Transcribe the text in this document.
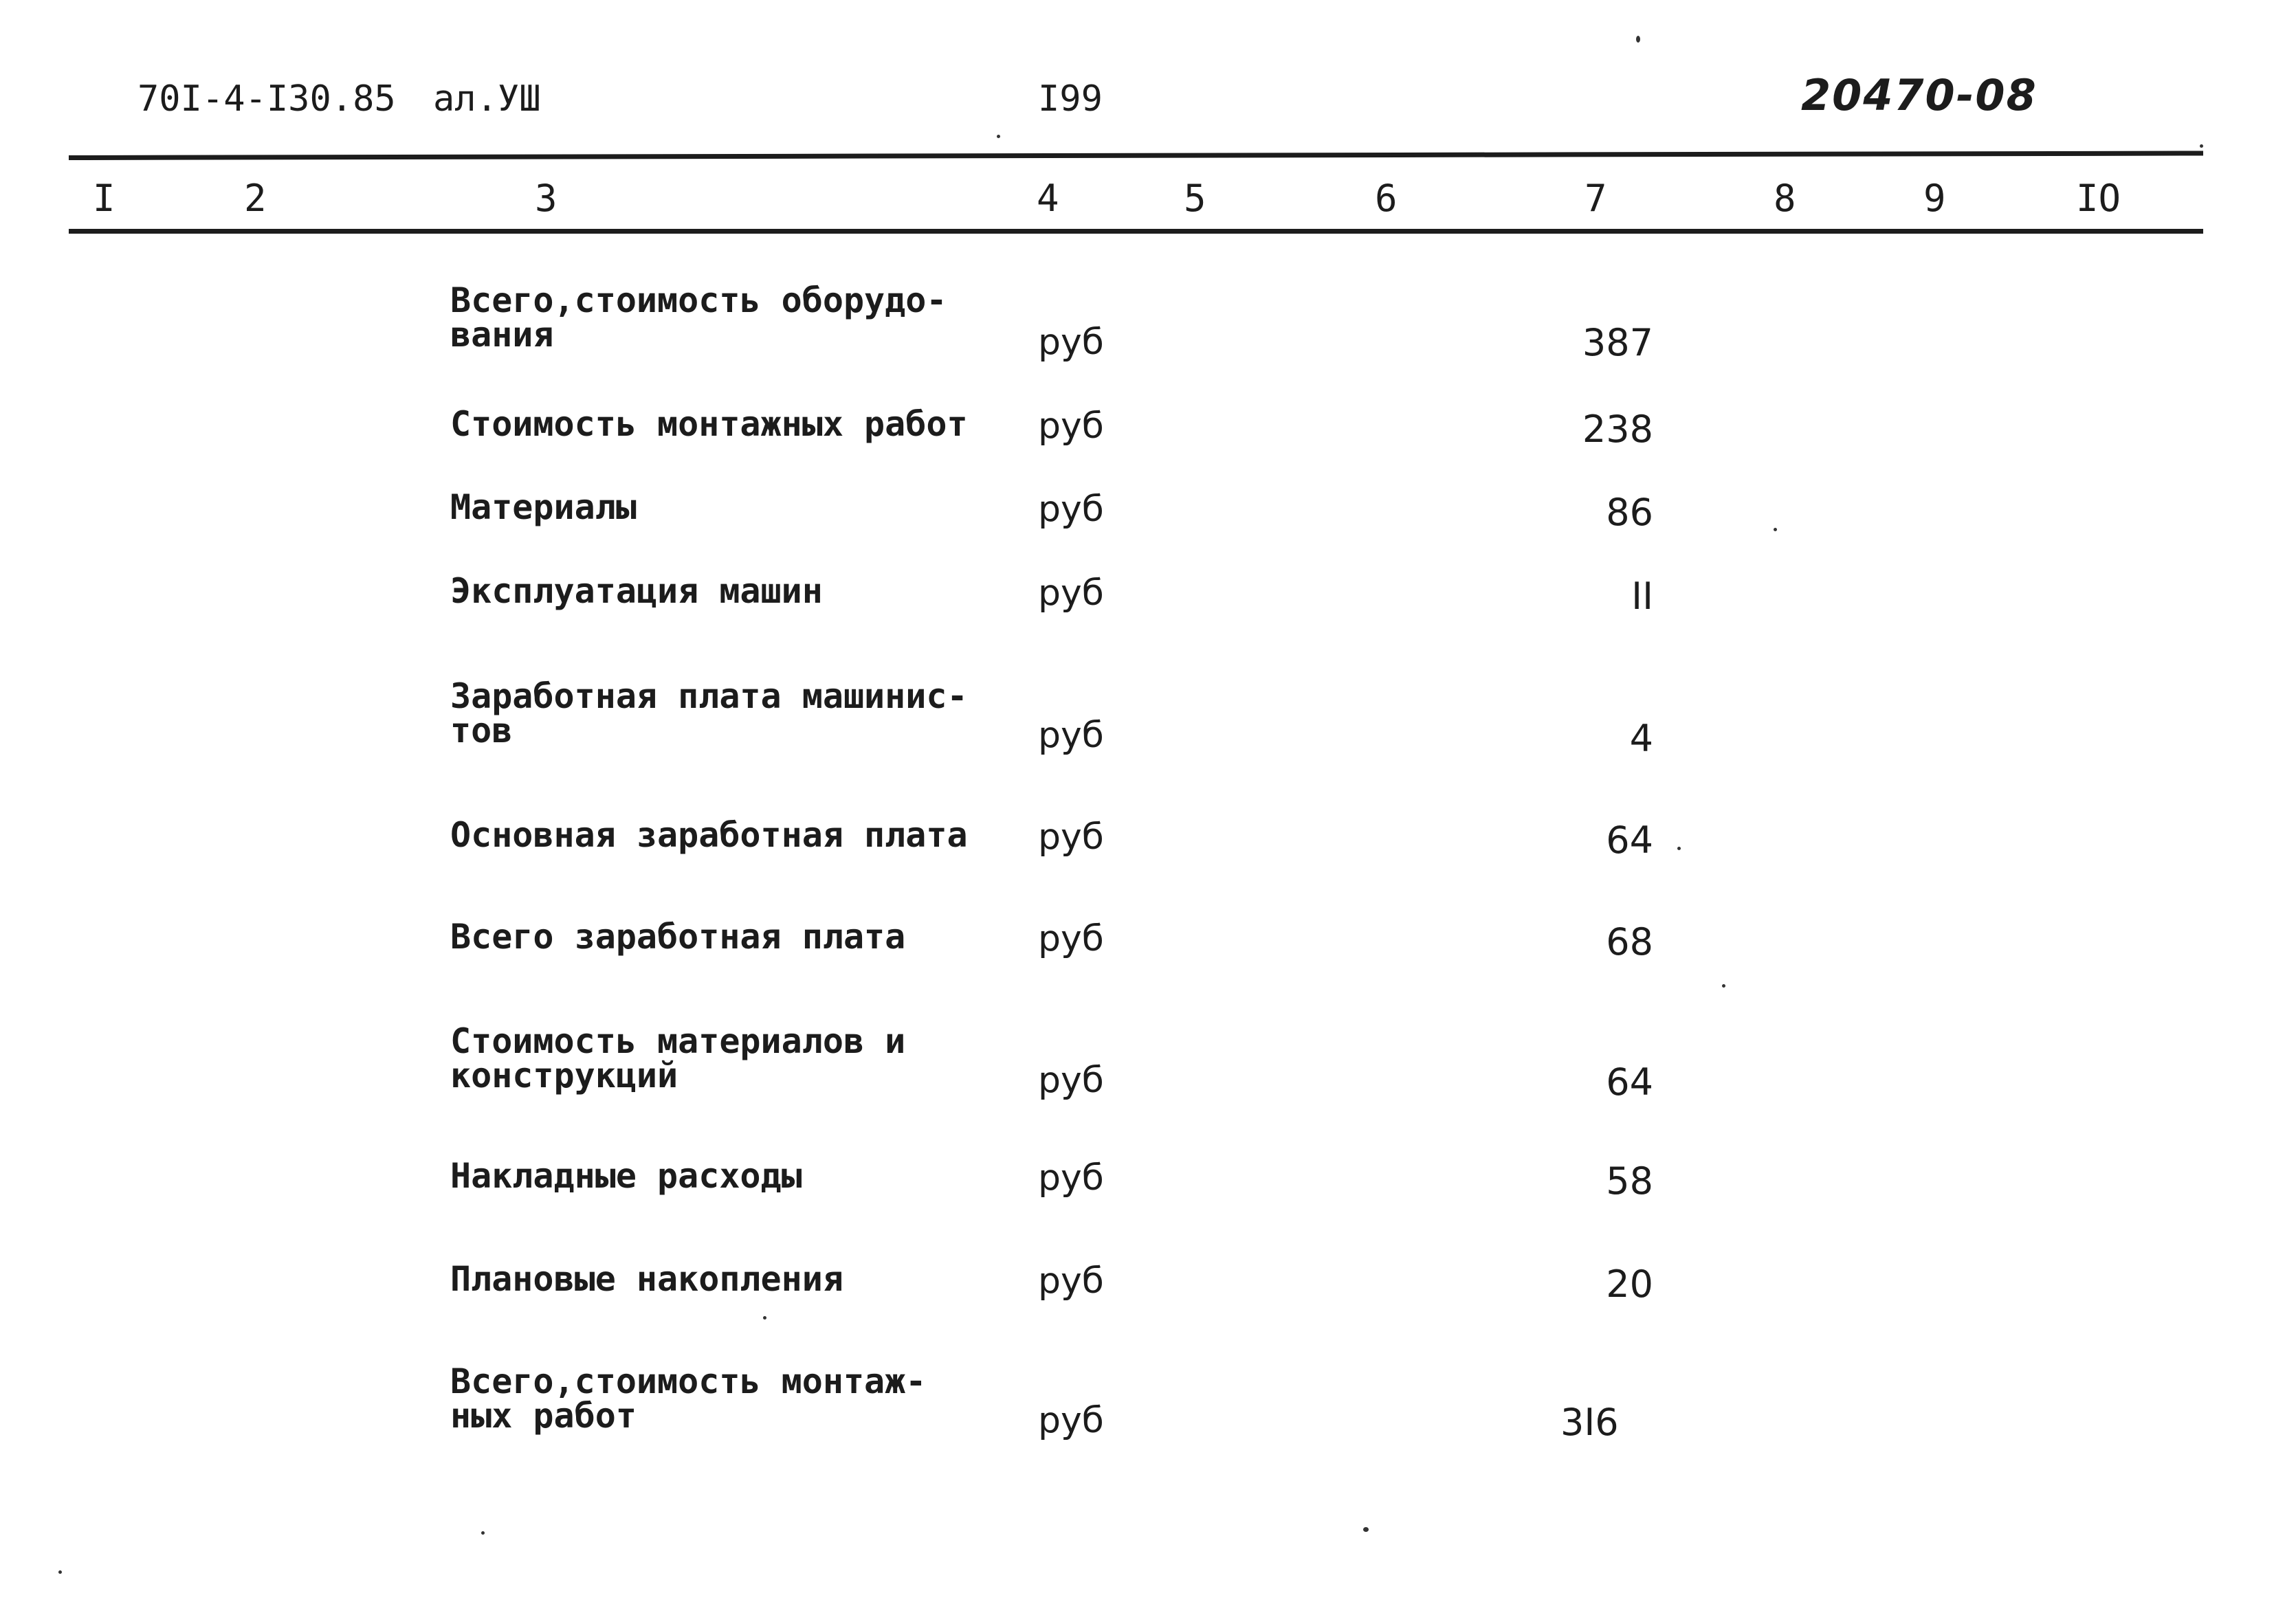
70I-4-I30.85 ал.УШ	I99	20470-08
I	2	3	4	5	6	7	8	9	IO
Всего,стоимость оборудо-
вания	руб	387
Стоимость монтажных работ	руб	238
Материалы	руб	86
Эксплуатация машин	руб	II
Заработная плата машинис-
тов	руб	4
Основная заработная плата	руб	64
Всего заработная плата	руб	68
Стоимость материалов и
конструкций	руб	64
Накладные расходы	руб	58
Плановые накопления	руб	20
Всего,стоимость монтаж-
ных работ	руб	3I6
